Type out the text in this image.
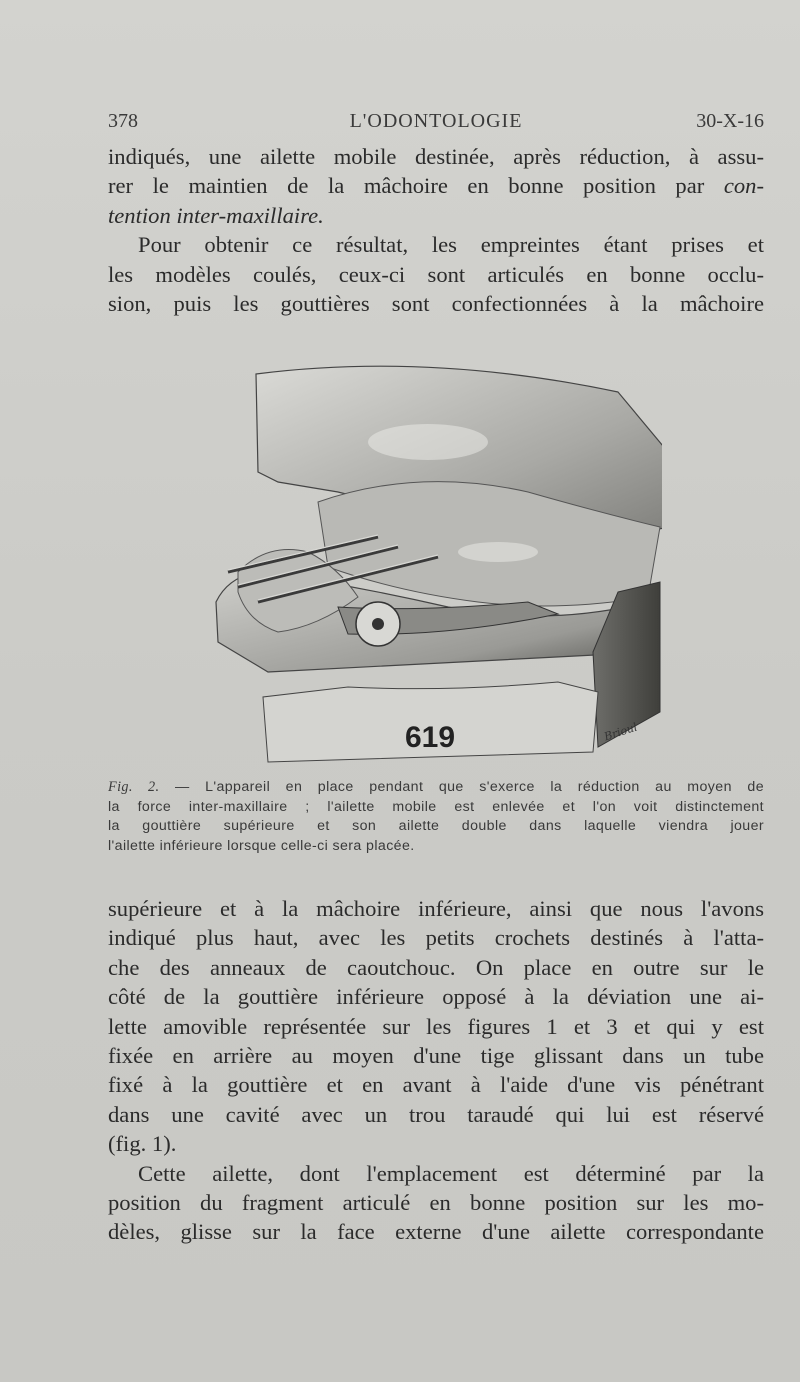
378	L'ODONTOLOGIE	30-X-16
indiqués, une ailette mobile destinée, après réduction, à assu-
rer le maintien de la mâchoire en bonne position par con-
tention inter-maxillaire.
Pour obtenir ce résultat, les empreintes étant prises et
les modèles coulés, ceux-ci sont articulés en bonne occlu-
sion, puis les gouttières sont confectionnées à la mâchoire
619	Brioul
Fig. 2. — L'appareil en place pendant que s'exerce la réduction au moyen de
la force inter-maxillaire ; l'ailette mobile est enlevée et l'on voit distinctement
la gouttière supérieure et son ailette double dans laquelle viendra jouer
l'ailette inférieure lorsque celle-ci sera placée.
supérieure et à la mâchoire inférieure, ainsi que nous l'avons
indiqué plus haut, avec les petits crochets destinés à l'atta-
che des anneaux de caoutchouc. On place en outre sur le
côté de la gouttière inférieure opposé à la déviation une ai-
lette amovible représentée sur les figures 1 et 3 et qui y est
fixée en arrière au moyen d'une tige glissant dans un tube
fixé à la gouttière et en avant à l'aide d'une vis pénétrant
dans une cavité avec un trou taraudé qui lui est réservé
(fig. 1).
Cette ailette, dont l'emplacement est déterminé par la
position du fragment articulé en bonne position sur les mo-
dèles, glisse sur la face externe d'une ailette correspondante
